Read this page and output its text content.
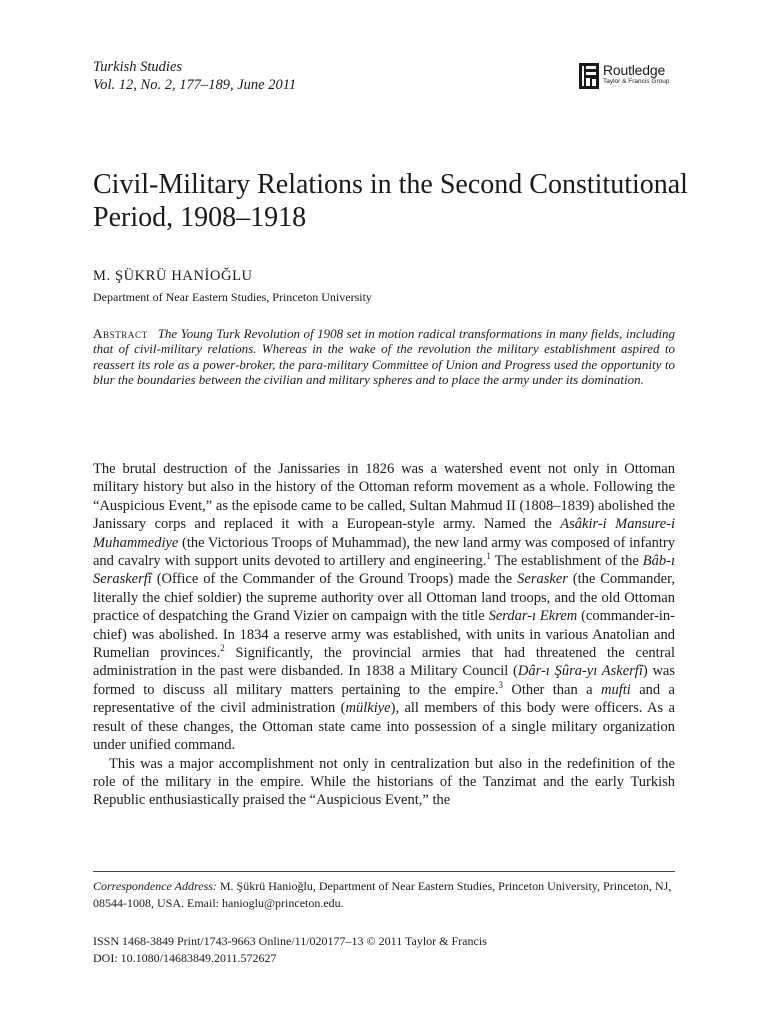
Turkish Studies
Vol. 12, No. 2, 177–189, June 2011
Routledge
Taylor & Francis Group
Civil-Military Relations in the Second Constitutional Period, 1908–1918
M. ŞÜKRÜ HANİOĞLU
Department of Near Eastern Studies, Princeton University
Abstract The Young Turk Revolution of 1908 set in motion radical transformations in many fields, including that of civil-military relations. Whereas in the wake of the revolution the military establishment aspired to reassert its role as a power-broker, the para-military Committee of Union and Progress used the opportunity to blur the boundaries between the civilian and military spheres and to place the army under its domination.

The brutal destruction of the Janissaries in 1826 was a watershed event not only in Ottoman military history but also in the history of the Ottoman reform movement as a whole. Following the “Auspicious Event,” as the episode came to be called, Sultan Mahmud II (1808–1839) abolished the Janissary corps and replaced it with a European-style army. Named the Asâkir-i Mansure-i Muhammediye (the Victorious Troops of Muhammad), the new land army was composed of infantry and cavalry with support units devoted to artillery and engineering.$^1$ The establishment of the Bâb-ı Seraskerfî (Office of the Commander of the Ground Troops) made the Serasker (the Commander, literally the chief soldier) the supreme authority over all Ottoman land troops, and the old Ottoman practice of despatching the Grand Vizier on campaign with the title Serdar-ı Ekrem (commander-in-chief) was abolished. In 1834 a reserve army was established, with units in various Anatolian and Rumelian provinces.$^2$ Significantly, the provincial armies that had threatened the central administration in the past were disbanded. In 1838 a Military Council (Dâr-ı Şûra-yı Askerfî) was formed to discuss all military matters pertaining to the empire.$^3$ Other than a mufti and a representative of the civil administration (mülkiye), all members of this body were officers. As a result of these changes, the Ottoman state came into possession of a single military organization under unified command.

This was a major accomplishment not only in centralization but also in the redefinition of the role of the military in the empire. While the historians of the Tanzimat and the early Turkish Republic enthusiastically praised the “Auspicious Event,” the

Correspondence Address: M. Şükrü Hanioğlu, Department of Near Eastern Studies, Princeton University, Princeton, NJ, 08544-1008, USA. Email: hanioglu@princeton.edu.
ISSN 1468-3849 Print/1743-9663 Online/11/020177–13 © 2011 Taylor & Francis
DOI: 10.1080/14683849.2011.572627
